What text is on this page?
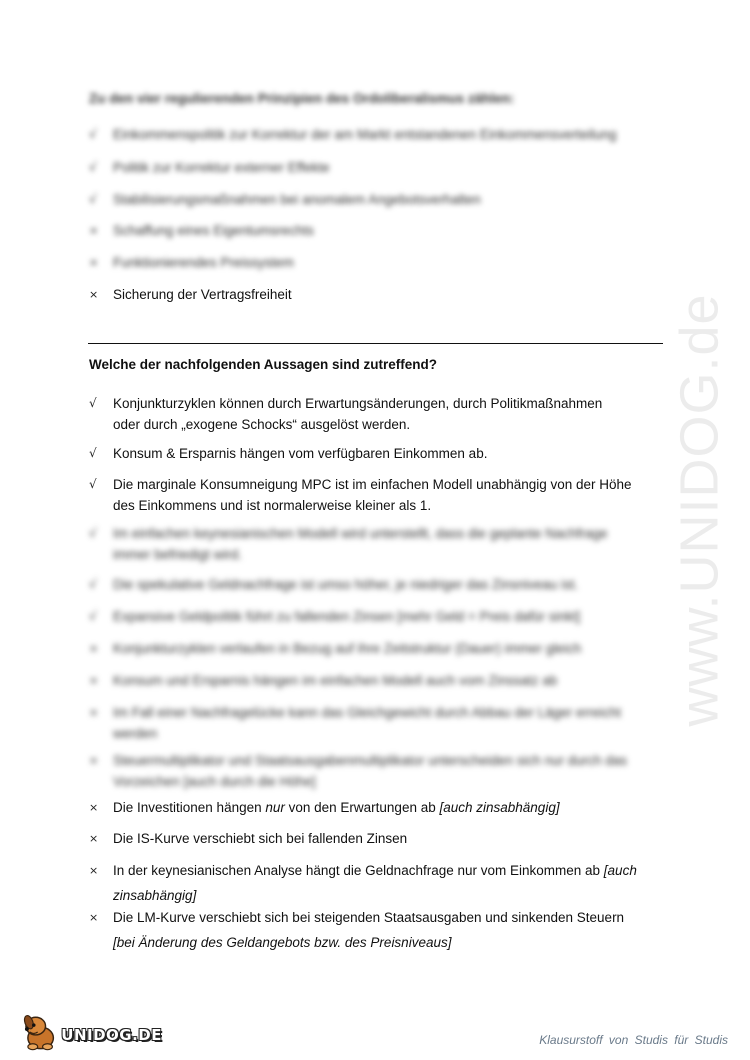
www.UNIDOG.de
Zu den vier regulierenden Prinzipien des Ordoliberalismus zählen:
√	Einkommenspolitik zur Korrektur der am Markt entstandenen Einkommensverteilung
√	Politik zur Korrektur externer Effekte
√	Stabilisierungsmaßnahmen bei anomalem Angebotsverhalten
×	Schaffung eines Eigentumsrechts
×	Funktionierendes Preissystem
×	Sicherung der Vertragsfreiheit
Welche der nachfolgenden Aussagen sind zutreffend?
√	Konjunkturzyklen können durch Erwartungsänderungen, durch Politikmaßnahmen
oder durch „exogene Schocks“ ausgelöst werden.
√	Konsum & Ersparnis hängen vom verfügbaren Einkommen ab.
√	Die marginale Konsumneigung MPC ist im einfachen Modell unabhängig von der Höhe
des Einkommens und ist normalerweise kleiner als 1.
√	Im einfachen keynesianischen Modell wird unterstellt, dass die geplante Nachfrage
immer befriedigt wird.
√	Die spekulative Geldnachfrage ist umso höher, je niedriger das Zinsniveau ist.
√	Expansive Geldpolitik führt zu fallenden Zinsen [mehr Geld = Preis dafür sinkt]
×	Konjunkturzyklen verlaufen in Bezug auf ihre Zeitstruktur (Dauer) immer gleich
×	Konsum und Ersparnis hängen im einfachen Modell auch vom Zinssatz ab
×	Im Fall einer Nachfragelücke kann das Gleichgewicht durch Abbau der Läger erreicht
werden
×	Steuermultiplikator und Staatsausgabenmultiplikator unterscheiden sich nur durch das
Vorzeichen [auch durch die Höhe]
×	Die Investitionen hängen nur von den Erwartungen ab [auch zinsabhängig]
×	Die IS-Kurve verschiebt sich bei fallenden Zinsen
×	In der keynesianischen Analyse hängt die Geldnachfrage nur vom Einkommen ab [auch
zinsabhängig]
×	Die LM-Kurve verschiebt sich bei steigenden Staatsausgaben und sinkenden Steuern
[bei Änderung des Geldangebots bzw. des Preisniveaus]
UNIDOG.DE	Klausurstoff von Studis für Studis
